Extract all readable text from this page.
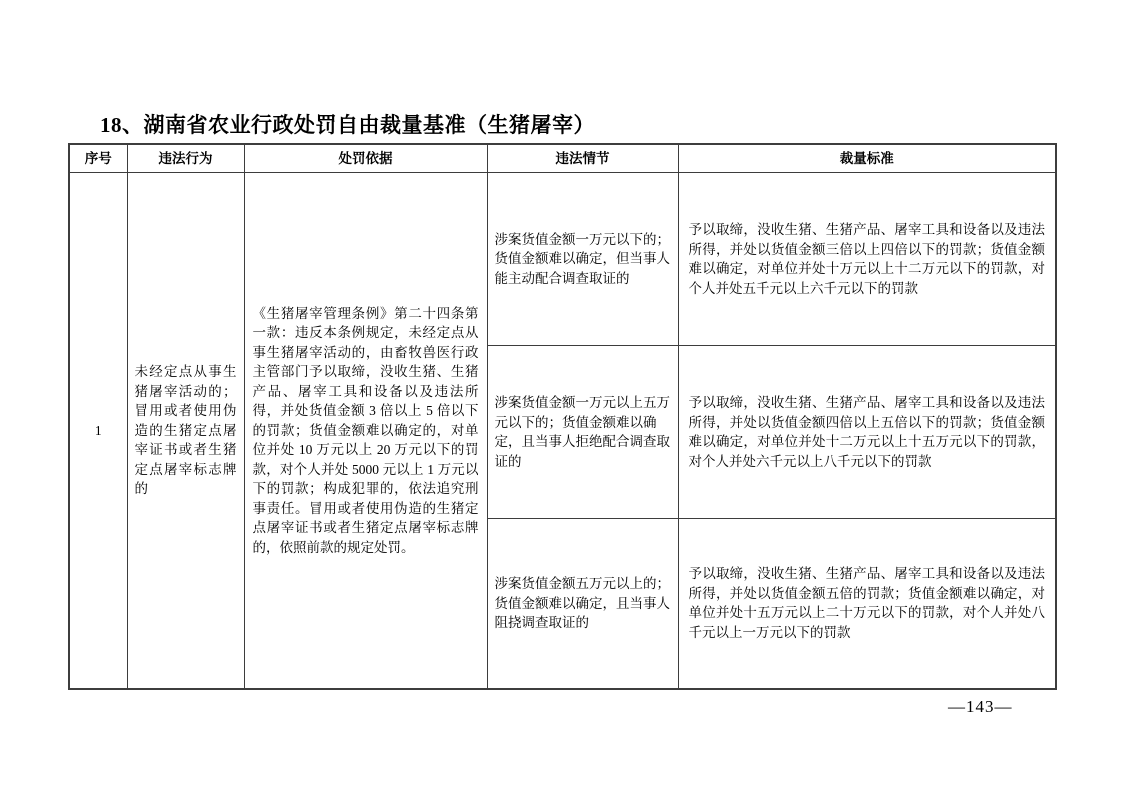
18、湖南省农业行政处罚自由裁量基准（生猪屠宰）
序号	违法行为	处罚依据	违法情节	裁量标准
1	未经定点从事生猪屠宰活动的；冒用或者使用伪造的生猪定点屠宰证书或者生猪定点屠宰标志牌的	《生猪屠宰管理条例》第二十四条第一款：违反本条例规定，未经定点从事生猪屠宰活动的，由畜牧兽医行政主管部门予以取缔，没收生猪、生猪产品、屠宰工具和设备以及违法所得，并处货值金额 3 倍以上 5 倍以下的罚款；货值金额难以确定的，对单位并处 10 万元以上 20 万元以下的罚款，对个人并处 5000 元以上 1 万元以下的罚款；构成犯罪的，依法追究刑事责任。冒用或者使用伪造的生猪定点屠宰证书或者生猪定点屠宰标志牌的，依照前款的规定处罚。	涉案货值金额一万元以下的；货值金额难以确定，但当事人能主动配合调查取证的	予以取缔，没收生猪、生猪产品、屠宰工具和设备以及违法所得，并处以货值金额三倍以上四倍以下的罚款；货值金额难以确定，对单位并处十万元以上十二万元以下的罚款，对个人并处五千元以上六千元以下的罚款
			涉案货值金额一万元以上五万元以下的；货值金额难以确定，且当事人拒绝配合调查取证的	予以取缔，没收生猪、生猪产品、屠宰工具和设备以及违法所得，并处以货值金额四倍以上五倍以下的罚款；货值金额难以确定，对单位并处十二万元以上十五万元以下的罚款，对个人并处六千元以上八千元以下的罚款
			涉案货值金额五万元以上的；货值金额难以确定，且当事人阻挠调查取证的	予以取缔，没收生猪、生猪产品、屠宰工具和设备以及违法所得，并处以货值金额五倍的罚款；货值金额难以确定，对单位并处十五万元以上二十万元以下的罚款，对个人并处八千元以上一万元以下的罚款
—143—
